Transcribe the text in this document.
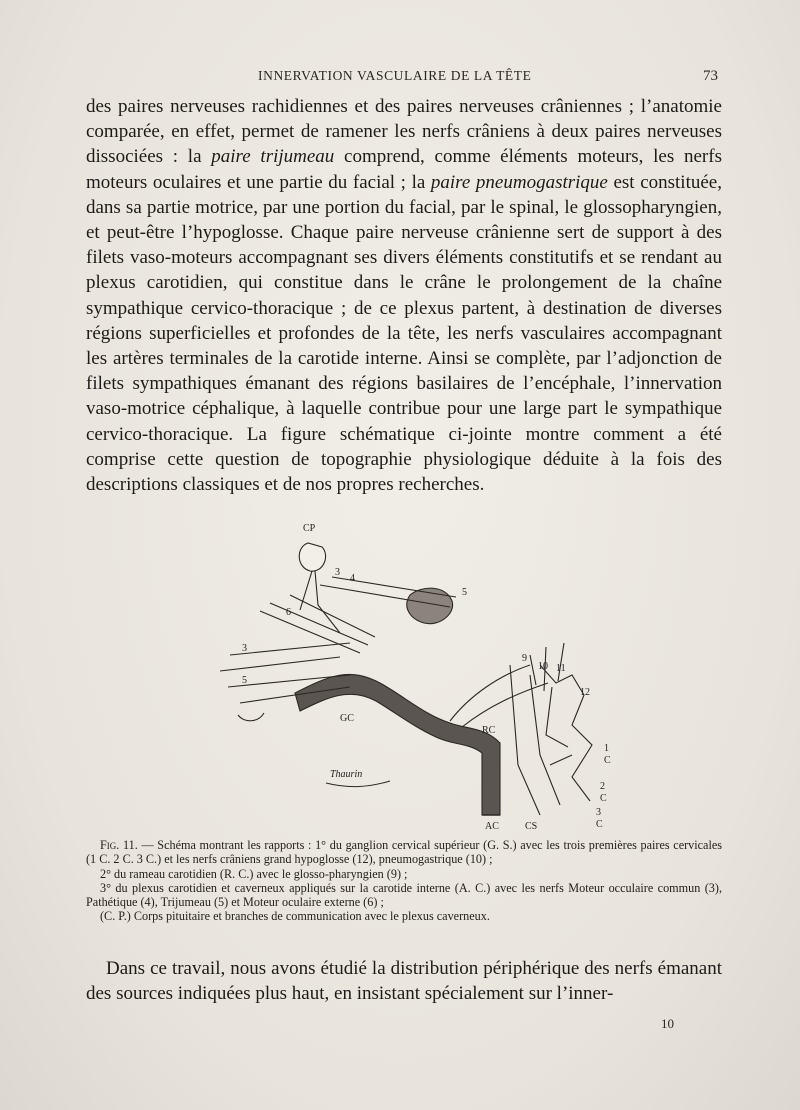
INNERVATION VASCULAIRE DE LA TÊTE	73

des paires nerveuses rachidiennes et des paires nerveuses crâniennes ; l’anatomie comparée, en effet, permet de ramener les nerfs crâniens à deux paires nerveuses dissociées : la paire trijumeau comprend, comme éléments moteurs, les nerfs moteurs oculaires et une partie du facial ; la paire pneumogastrique est constituée, dans sa partie motrice, par une portion du facial, par le spinal, le glossopharyngien, et peut-être l’hypoglosse. Chaque paire nerveuse crânienne sert de support à des filets vaso-moteurs accompagnant ses divers éléments constitutifs et se rendant au plexus carotidien, qui constitue dans le crâne le prolongement de la chaîne sympathique cervico-thoracique ; de ce plexus partent, à destination de diverses régions superficielles et profondes de la tête, les nerfs vasculaires accompagnant les artères terminales de la carotide interne. Ainsi se complète, par l’adjonction de filets sympathiques émanant des régions basilaires de l’encéphale, l’innervation vaso-motrice céphalique, à laquelle contribue pour une large part le sympathique cervico-thoracique. La figure schématique ci-jointe montre comment a été comprise cette question de topographie physiologique déduite à la fois des descriptions classiques et de nos propres recherches.

CP
3
4
5
6
3
5
GC
9
10 11
12
RC
1
C
2
C
3
C
AC	CS
Thaurin

Fig. 11. — Schéma montrant les rapports : 1° du ganglion cervical supérieur (G. S.) avec les trois premières paires cervicales (1 C. 2 C. 3 C.) et les nerfs crâniens grand hypoglosse (12), pneumogastrique (10) ;

2° du rameau carotidien (R. C.) avec le glosso-pharyngien (9) ;

3° du plexus carotidien et caverneux appliqués sur la carotide interne (A. C.) avec les nerfs Moteur occulaire commun (3), Pathétique (4), Trijumeau (5) et Moteur oculaire externe (6) ;

(C. P.) Corps pituitaire et branches de communication avec le plexus caverneux.

Dans ce travail, nous avons étudié la distribution périphérique des nerfs émanant des sources indiquées plus haut, en insistant spécialement sur l’inner-

10
